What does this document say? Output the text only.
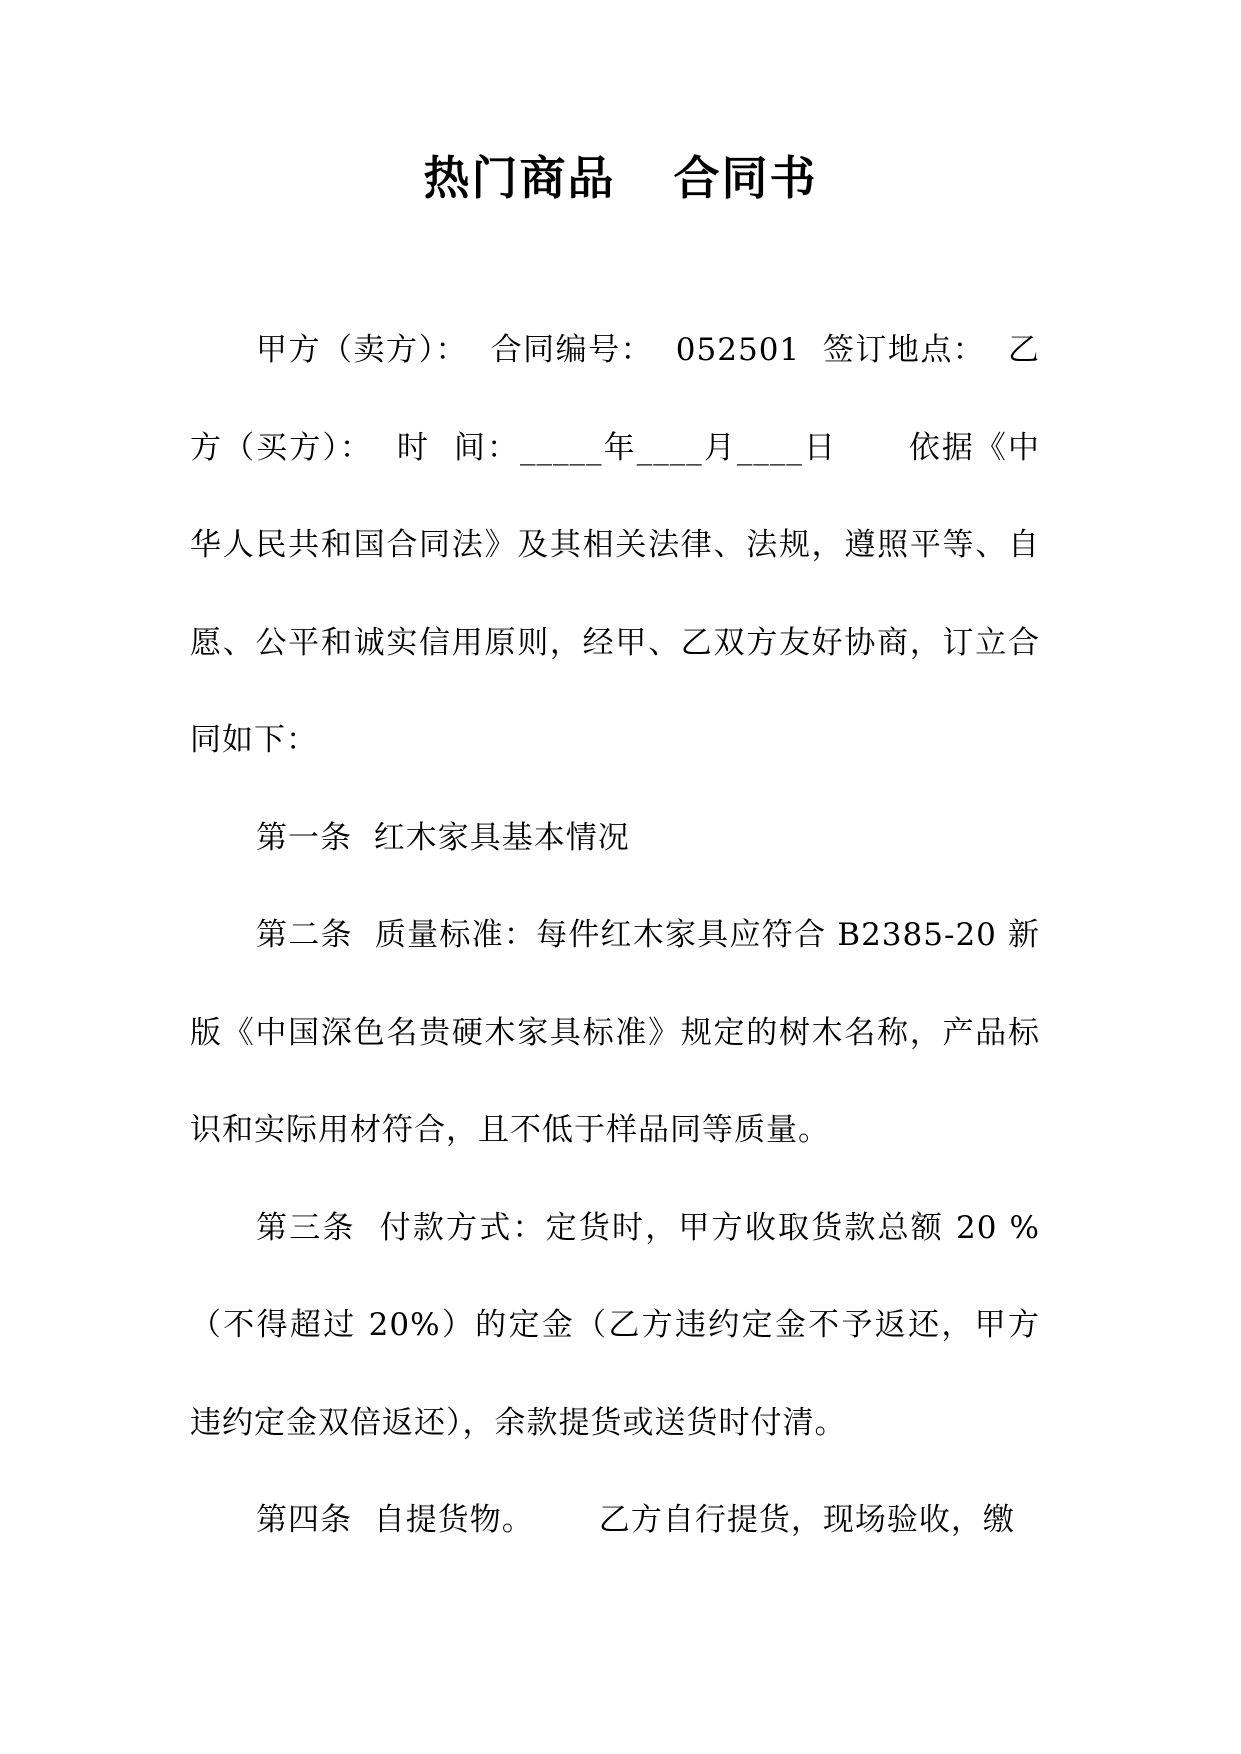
热门商品 合同书

甲方（卖方）：  合同编号：  052501  签订地点：  乙方（买方）：  时  间：_____年____月____日      依据《中华人民共和国合同法》及其相关法律、法规，遵照平等、自愿、公平和诚实信用原则，经甲、乙双方友好协商，订立合同如下：

第一条  红木家具基本情况

第二条  质量标准：每件红木家具应符合 B2385-20 新版《中国深色名贵硬木家具标准》规定的树木名称，产品标识和实际用材符合，且不低于样品同等质量。

第三条  付款方式：定货时，甲方收取货款总额 20 %（不得超过 20%）的定金（乙方违约定金不予返还，甲方违约定金双倍返还），余款提货或送货时付清。

第四条  自提货物。      乙方自行提货，现场验收，缴
